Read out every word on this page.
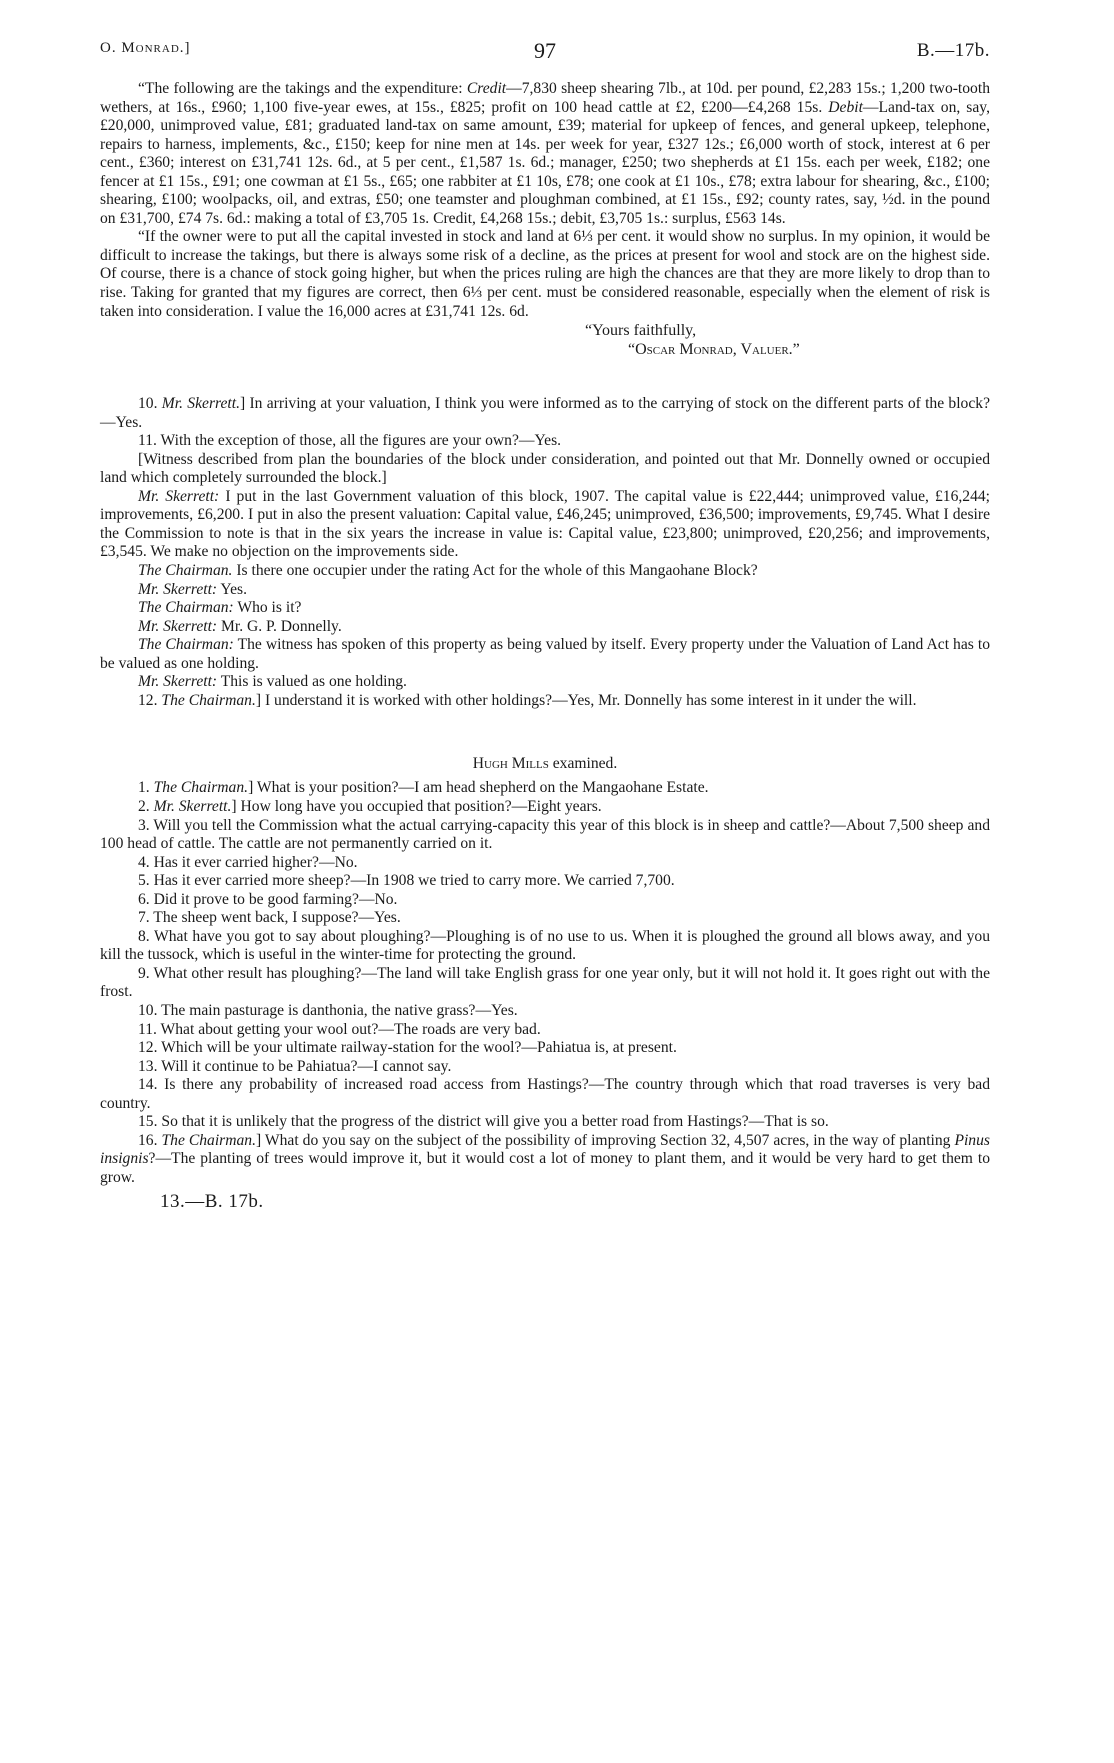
O. Monrad.]	97	B.—17b.

“The following are the takings and the expenditure: Credit—7,830 sheep shearing 7lb., at 10d. per pound, £2,283 15s.; 1,200 two-tooth wethers, at 16s., £960; 1,100 five-year ewes, at 15s., £825; profit on 100 head cattle at £2, £200—£4,268 15s. Debit—Land-tax on, say, £20,000, unimproved value, £81; graduated land-tax on same amount, £39; material for upkeep of fences, and general upkeep, telephone, repairs to harness, implements, &c., £150; keep for nine men at 14s. per week for year, £327 12s.; £6,000 worth of stock, interest at 6 per cent., £360; interest on £31,741 12s. 6d., at 5 per cent., £1,587 1s. 6d.; manager, £250; two shepherds at £1 15s. each per week, £182; one fencer at £1 15s., £91; one cowman at £1 5s., £65; one rabbiter at £1 10s, £78; one cook at £1 10s., £78; extra labour for shearing, &c., £100; shearing, £100; woolpacks, oil, and extras, £50; one teamster and ploughman combined, at £1 15s., £92; county rates, say, ½d. in the pound on £31,700, £74 7s. 6d.: making a total of £3,705 1s. Credit, £4,268 15s.; debit, £3,705 1s.: surplus, £563 14s.

“If the owner were to put all the capital invested in stock and land at 6⅓ per cent. it would show no surplus. In my opinion, it would be difficult to increase the takings, but there is always some risk of a decline, as the prices at present for wool and stock are on the highest side. Of course, there is a chance of stock going higher, but when the prices ruling are high the chances are that they are more likely to drop than to rise. Taking for granted that my figures are correct, then 6⅓ per cent. must be considered reasonable, especially when the element of risk is taken into consideration. I value the 16,000 acres at £31,741 12s. 6d.

“Yours faithfully,

“Oscar Monrad, Valuer.”

10. Mr. Skerrett.] In arriving at your valuation, I think you were informed as to the carrying of stock on the different parts of the block?—Yes.

11. With the exception of those, all the figures are your own?—Yes.

[Witness described from plan the boundaries of the block under consideration, and pointed out that Mr. Donnelly owned or occupied land which completely surrounded the block.]

Mr. Skerrett: I put in the last Government valuation of this block, 1907. The capital value is £22,444; unimproved value, £16,244; improvements, £6,200. I put in also the present valuation: Capital value, £46,245; unimproved, £36,500; improvements, £9,745. What I desire the Commission to note is that in the six years the increase in value is: Capital value, £23,800; unimproved, £20,256; and improvements, £3,545. We make no objection on the improvements side.

The Chairman. Is there one occupier under the rating Act for the whole of this Mangaohane Block?

Mr. Skerrett: Yes.

The Chairman: Who is it?

Mr. Skerrett: Mr. G. P. Donnelly.

The Chairman: The witness has spoken of this property as being valued by itself. Every property under the Valuation of Land Act has to be valued as one holding.

Mr. Skerrett: This is valued as one holding.

12. The Chairman.] I understand it is worked with other holdings?—Yes, Mr. Donnelly has some interest in it under the will.

Hugh Mills examined.

1. The Chairman.] What is your position?—I am head shepherd on the Mangaohane Estate.

2. Mr. Skerrett.] How long have you occupied that position?—Eight years.

3. Will you tell the Commission what the actual carrying-capacity this year of this block is in sheep and cattle?—About 7,500 sheep and 100 head of cattle. The cattle are not permanently carried on it.

4. Has it ever carried higher?—No.

5. Has it ever carried more sheep?—In 1908 we tried to carry more. We carried 7,700.

6. Did it prove to be good farming?—No.

7. The sheep went back, I suppose?—Yes.

8. What have you got to say about ploughing?—Ploughing is of no use to us. When it is ploughed the ground all blows away, and you kill the tussock, which is useful in the winter-time for protecting the ground.

9. What other result has ploughing?—The land will take English grass for one year only, but it will not hold it. It goes right out with the frost.

10. The main pasturage is danthonia, the native grass?—Yes.

11. What about getting your wool out?—The roads are very bad.

12. Which will be your ultimate railway-station for the wool?—Pahiatua is, at present.

13. Will it continue to be Pahiatua?—I cannot say.

14. Is there any probability of increased road access from Hastings?—The country through which that road traverses is very bad country.

15. So that it is unlikely that the progress of the district will give you a better road from Hastings?—That is so.

16. The Chairman.] What do you say on the subject of the possibility of improving Section 32, 4,507 acres, in the way of planting Pinus insignis?—The planting of trees would improve it, but it would cost a lot of money to plant them, and it would be very hard to get them to grow.

13.—B. 17b.
